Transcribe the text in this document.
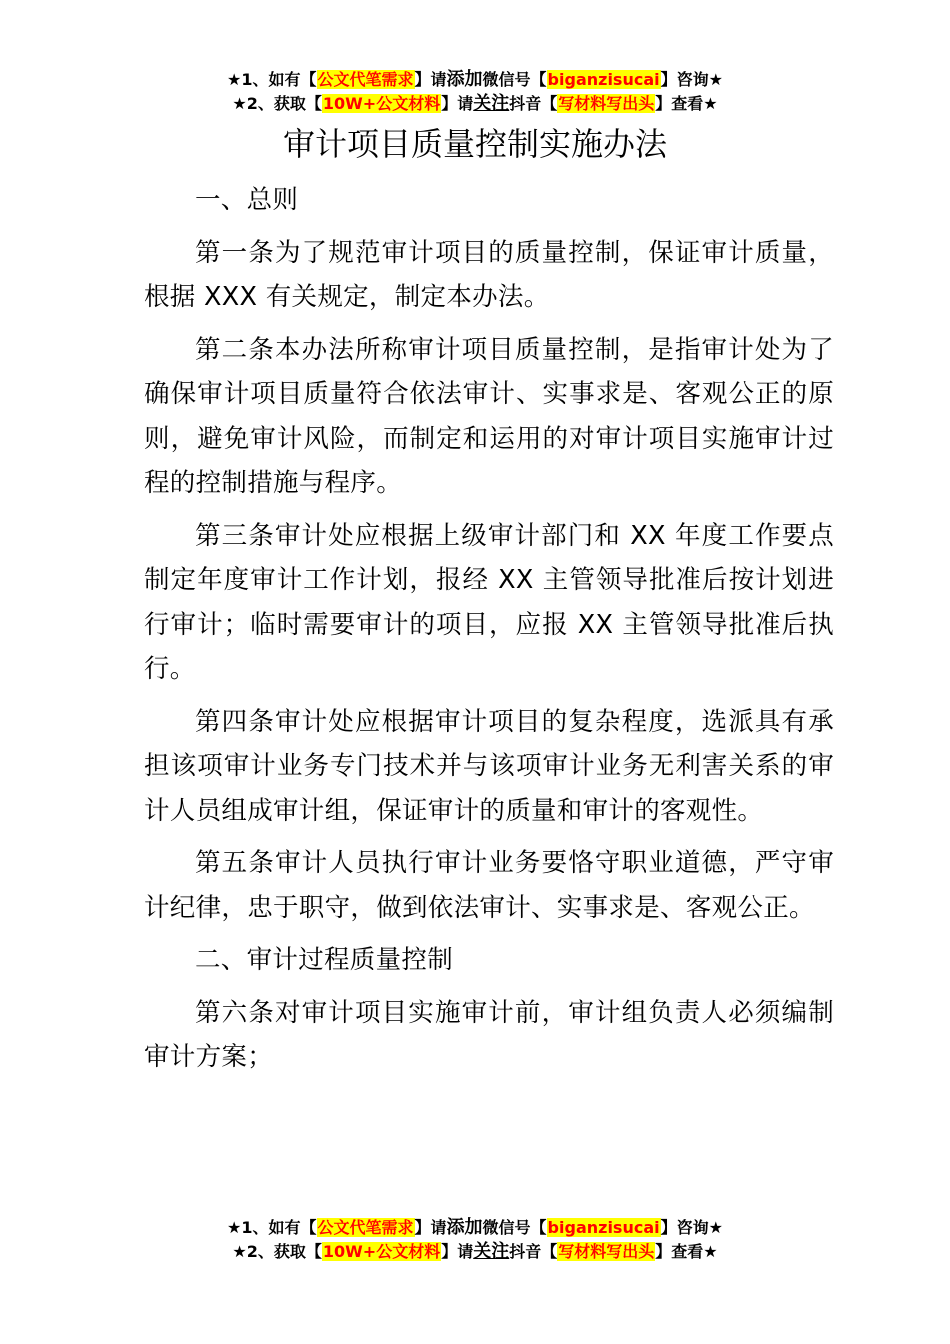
★1、如有【公文代笔需求】请添加微信号【biganzisucai】咨询★
★2、获取【10W+公文材料】请关注抖音【写材料写出头】查看★
审计项目质量控制实施办法

一、总则

第一条为了规范审计项目的质量控制，保证审计质量，根据 XXX 有关规定，制定本办法。

第二条本办法所称审计项目质量控制，是指审计处为了确保审计项目质量符合依法审计、实事求是、客观公正的原则，避免审计风险，而制定和运用的对审计项目实施审计过程的控制措施与程序。

第三条审计处应根据上级审计部门和 XX 年度工作要点制定年度审计工作计划，报经 XX 主管领导批准后按计划进行审计；临时需要审计的项目，应报 XX 主管领导批准后执行。

第四条审计处应根据审计项目的复杂程度，选派具有承担该项审计业务专门技术并与该项审计业务无利害关系的审计人员组成审计组，保证审计的质量和审计的客观性。

第五条审计人员执行审计业务要恪守职业道德，严守审计纪律，忠于职守，做到依法审计、实事求是、客观公正。

二、审计过程质量控制

第六条对审计项目实施审计前，审计组负责人必须编制审计方案；

★1、如有【公文代笔需求】请添加微信号【biganzisucai】咨询★
★2、获取【10W+公文材料】请关注抖音【写材料写出头】查看★
